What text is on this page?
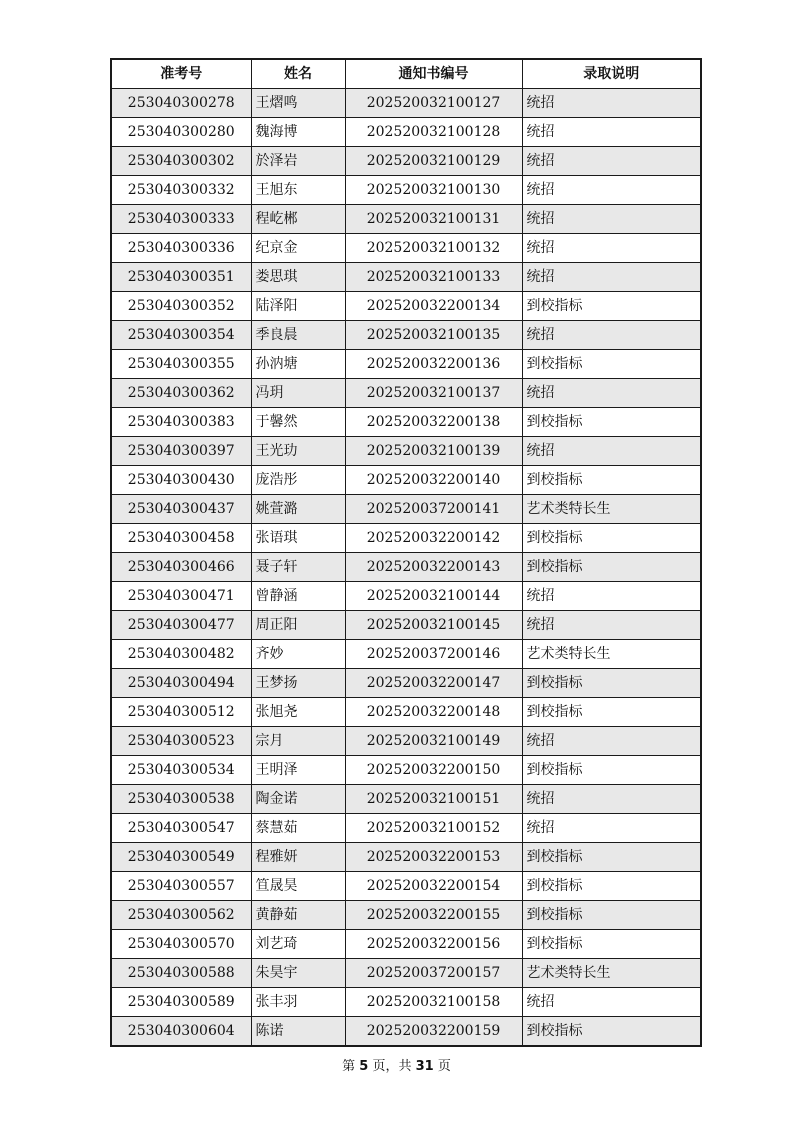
准考号	姓名	通知书编号	录取说明
253040300278	王熠鸣	202520032100127	统招
253040300280	魏海博	202520032100128	统招
253040300302	於泽岩	202520032100129	统招
253040300332	王旭东	202520032100130	统招
253040300333	程屹郴	202520032100131	统招
253040300336	纪京金	202520032100132	统招
253040300351	娄思琪	202520032100133	统招
253040300352	陆泽阳	202520032200134	到校指标
253040300354	季良晨	202520032100135	统招
253040300355	孙汭塘	202520032200136	到校指标
253040300362	冯玥	202520032100137	统招
253040300383	于馨然	202520032200138	到校指标
253040300397	王光玏	202520032100139	统招
253040300430	庞浩彤	202520032200140	到校指标
253040300437	姚萱潞	202520037200141	艺术类特长生
253040300458	张语琪	202520032200142	到校指标
253040300466	聂子轩	202520032200143	到校指标
253040300471	曾静涵	202520032100144	统招
253040300477	周正阳	202520032100145	统招
253040300482	齐妙	202520037200146	艺术类特长生
253040300494	王梦扬	202520032200147	到校指标
253040300512	张旭尧	202520032200148	到校指标
253040300523	宗月	202520032100149	统招
253040300534	王明泽	202520032200150	到校指标
253040300538	陶金诺	202520032100151	统招
253040300547	蔡慧茹	202520032100152	统招
253040300549	程雅妍	202520032200153	到校指标
253040300557	笪晟昊	202520032200154	到校指标
253040300562	黄静茹	202520032200155	到校指标
253040300570	刘艺琦	202520032200156	到校指标
253040300588	朱昊宇	202520037200157	艺术类特长生
253040300589	张丰羽	202520032100158	统招
253040300604	陈诺	202520032200159	到校指标
第 5 页，共 31 页
